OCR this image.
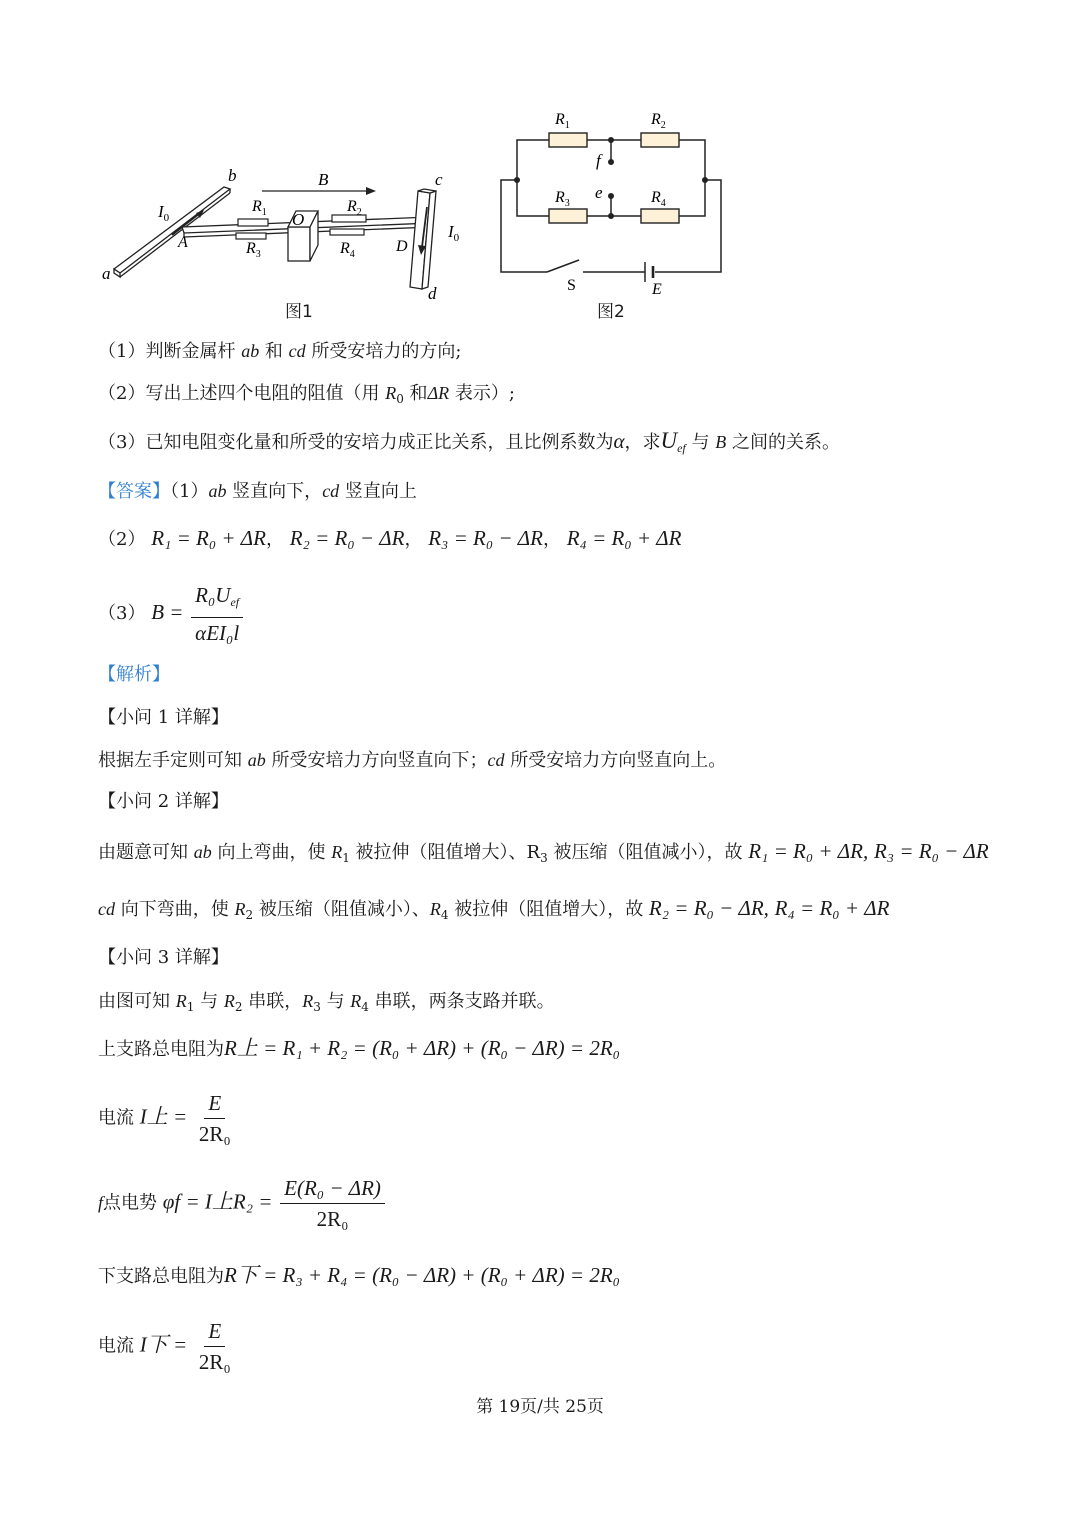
b
a
A
$I_0$
B
$R_1$ O
$R_2$
$R_3$	$R_4$	D
c
$I_0$
d
图1
$R_1$	$R_2$
$R_3$	$R_4$
f
e
S	E
图2
（1）判断金属杆 ab 和 cd 所受安培力的方向;
（2）写出上述四个电阻的阻值（用 $R_0$ 和ΔR 表示）;
（3）已知电阻变化量和所受的安培力成正比关系，且比例系数为α，求$U_{ef}$ 与 B 之间的关系。
【答案】（1）ab 竖直向下，cd 竖直向上
（2） R₁ = R₀ + ΔR， R₂ = R₀ − ΔR， R₃ = R₀ − ΔR， R₄ = R₀ + ΔR
（3） $B = \frac{R_0U_{ef}}{\text{αEI₀l}}$
【解析】
【小问 1 详解】
根据左手定则可知 ab 所受安培力方向竖直向下；cd 所受安培力方向竖直向上。
【小问 2 详解】
由题意可知 ab 向上弯曲，使 $R_1$ 被拉伸（阻值增大）、$R_3$ 被压缩（阻值减小），故 R₁ = R₀ + ΔR, R₃ = R₀ − ΔR
cd 向下弯曲，使 $R_2$ 被压缩（阻值减小）、$R_4$ 被拉伸（阻值增大），故 R₂ = R₀ − ΔR, R₄ = R₀ + ΔR
【小问 3 详解】
由图可知 $R_1$ 与 $R_2$ 串联，$R_3$ 与 $R_4$ 串联，两条支路并联。
上支路总电阻为R上 = R₁ + R₂ = (R₀ + ΔR) + (R₀ − ΔR) = 2R₀
电流 I上 = $\frac{E}{\text{2R₀}}$
f点电势 φf = I上$R_2 = \frac{\text{E(R₀ − ΔR)}}{\text{2R₀}}$
下支路总电阻为R下 = R₃ + R₄ = (R₀ − ΔR) + (R₀ + ΔR) = 2R₀
电流 I下 = $\frac{E}{\text{2R₀}}$
第 19页/共 25页
